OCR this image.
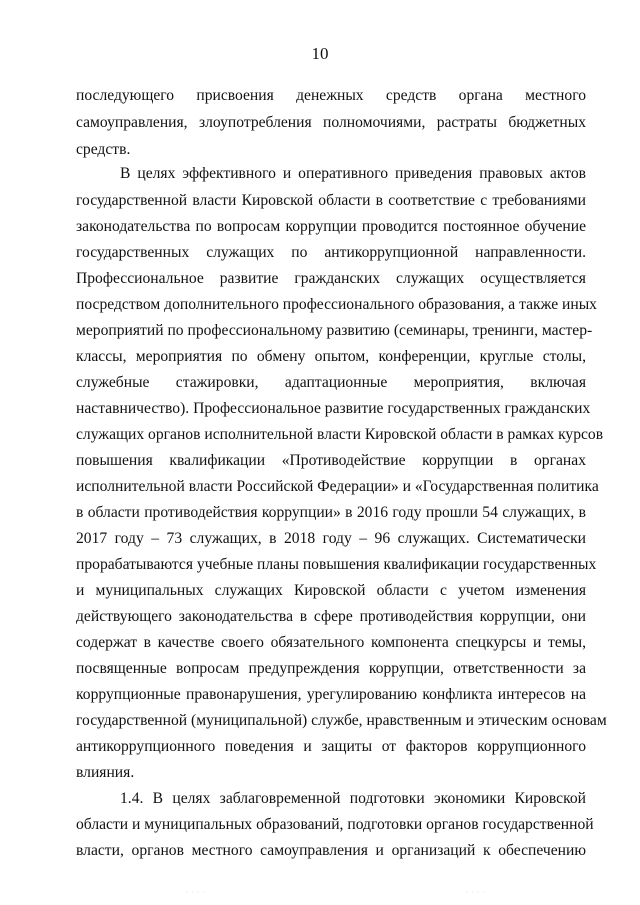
10
последующего присвоения денежных средств органа местного
самоуправления, злоупотребления полномочиями, растраты бюджетных
средств.
В целях эффективного и оперативного приведения правовых актов
государственной власти Кировской области в соответствие с требованиями
законодательства по вопросам коррупции проводится постоянное обучение
государственных служащих по антикоррупционной направленности.
Профессиональное развитие гражданских служащих осуществляется
посредством дополнительного профессионального образования, а также иных
мероприятий по профессиональному развитию (семинары, тренинги, мастер-
классы, мероприятия по обмену опытом, конференции, круглые столы,
служебные стажировки, адаптационные мероприятия, включая
наставничество). Профессиональное развитие государственных гражданских
служащих органов исполнительной власти Кировской области в рамках курсов
повышения квалификации «Противодействие коррупции в органах
исполнительной власти Российской Федерации» и «Государственная политика
в области противодействия коррупции» в 2016 году прошли 54 служащих, в
2017 году – 73 служащих, в 2018 году – 96 служащих. Систематически
прорабатываются учебные планы повышения квалификации государственных
и муниципальных служащих Кировской области с учетом изменения
действующего законодательства в сфере противодействия коррупции, они
содержат в качестве своего обязательного компонента спецкурсы и темы,
посвященные вопросам предупреждения коррупции, ответственности за
коррупционные правонарушения, урегулированию конфликта интересов на
государственной (муниципальной) службе, нравственным и этическим основам
антикоррупционного поведения и защиты от факторов коррупционного
влияния.
1.4. В целях заблаговременной подготовки экономики Кировской
области и муниципальных образований, подготовки органов государственной
власти, органов местного самоуправления и организаций к обеспечению
· · · ·	· · · ·
